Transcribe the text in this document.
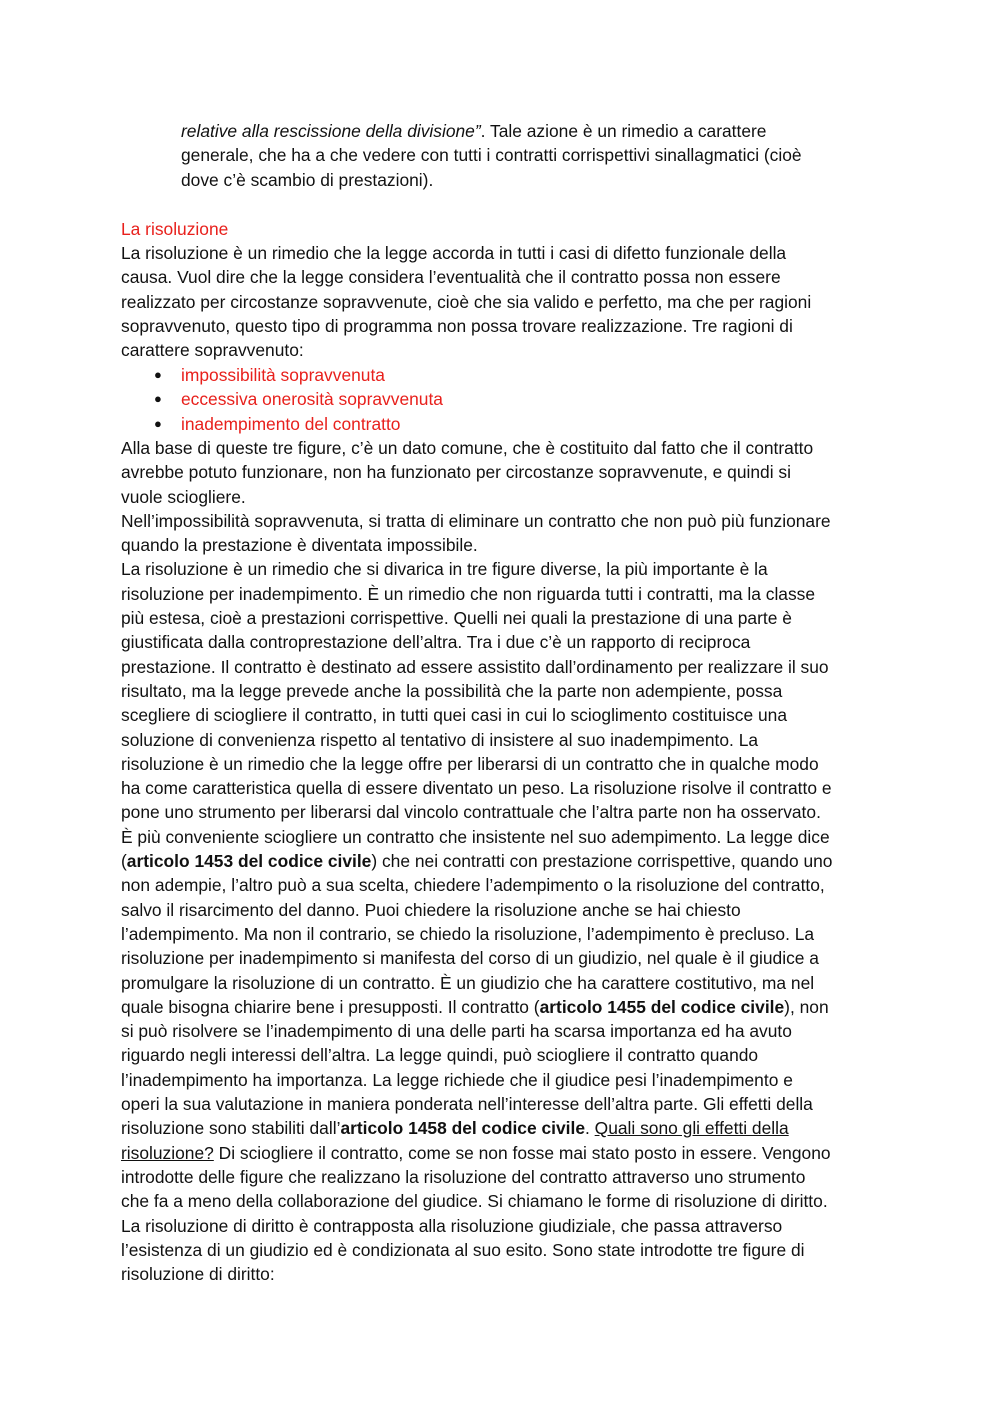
relative alla rescissione della divisione”. Tale azione è un rimedio a carattere
generale, che ha a che vedere con tutti i contratti corrispettivi sinallagmatici (cioè
dove c’è scambio di prestazioni).
La risoluzione
La risoluzione è un rimedio che la legge accorda in tutti i casi di difetto funzionale della
causa. Vuol dire che la legge considera l’eventualità che il contratto possa non essere
realizzato per circostanze sopravvenute, cioè che sia valido e perfetto, ma che per ragioni
sopravvenuto, questo tipo di programma non possa trovare realizzazione. Tre ragioni di
carattere sopravvenuto:
● impossibilità sopravvenuta
● eccessiva onerosità sopravvenuta
● inadempimento del contratto
Alla base di queste tre figure, c’è un dato comune, che è costituito dal fatto che il contratto
avrebbe potuto funzionare, non ha funzionato per circostanze sopravvenute, e quindi si
vuole sciogliere.
Nell’impossibilità sopravvenuta, si tratta di eliminare un contratto che non può più funzionare
quando la prestazione è diventata impossibile.
La risoluzione è un rimedio che si divarica in tre figure diverse, la più importante è la
risoluzione per inadempimento. È un rimedio che non riguarda tutti i contratti, ma la classe
più estesa, cioè a prestazioni corrispettive. Quelli nei quali la prestazione di una parte è
giustificata dalla controprestazione dell’altra. Tra i due c’è un rapporto di reciproca
prestazione. Il contratto è destinato ad essere assistito dall’ordinamento per realizzare il suo
risultato, ma la legge prevede anche la possibilità che la parte non adempiente, possa
scegliere di sciogliere il contratto, in tutti quei casi in cui lo scioglimento costituisce una
soluzione di convenienza rispetto al tentativo di insistere al suo inadempimento. La
risoluzione è un rimedio che la legge offre per liberarsi di un contratto che in qualche modo
ha come caratteristica quella di essere diventato un peso. La risoluzione risolve il contratto e
pone uno strumento per liberarsi dal vincolo contrattuale che l’altra parte non ha osservato.
È più conveniente sciogliere un contratto che insistente nel suo adempimento. La legge dice
(articolo 1453 del codice civile) che nei contratti con prestazione corrispettive, quando uno
non adempie, l’altro può a sua scelta, chiedere l’adempimento o la risoluzione del contratto,
salvo il risarcimento del danno. Puoi chiedere la risoluzione anche se hai chiesto
l’adempimento. Ma non il contrario, se chiedo la risoluzione, l’adempimento è precluso. La
risoluzione per inadempimento si manifesta del corso di un giudizio, nel quale è il giudice a
promulgare la risoluzione di un contratto. È un giudizio che ha carattere costitutivo, ma nel
quale bisogna chiarire bene i presupposti. Il contratto (articolo 1455 del codice civile), non
si può risolvere se l’inadempimento di una delle parti ha scarsa importanza ed ha avuto
riguardo negli interessi dell’altra. La legge quindi, può sciogliere il contratto quando
l’inadempimento ha importanza. La legge richiede che il giudice pesi l’inadempimento e
operi la sua valutazione in maniera ponderata nell’interesse dell’altra parte. Gli effetti della
risoluzione sono stabiliti dall’articolo 1458 del codice civile. Quali sono gli effetti della
risoluzione? Di sciogliere il contratto, come se non fosse mai stato posto in essere. Vengono
introdotte delle figure che realizzano la risoluzione del contratto attraverso uno strumento
che fa a meno della collaborazione del giudice. Si chiamano le forme di risoluzione di diritto.
La risoluzione di diritto è contrapposta alla risoluzione giudiziale, che passa attraverso
l’esistenza di un giudizio ed è condizionata al suo esito. Sono state introdotte tre figure di
risoluzione di diritto:
